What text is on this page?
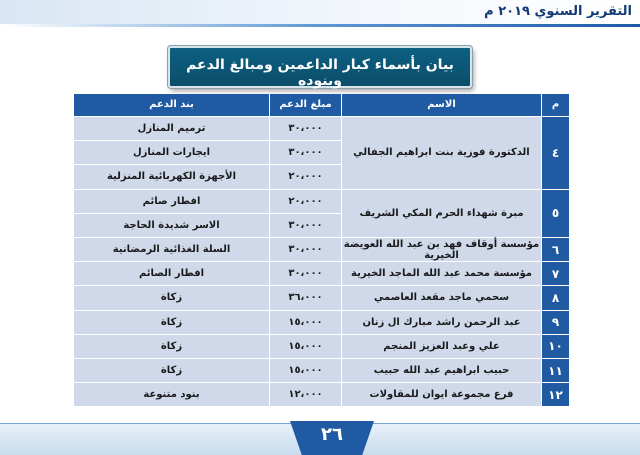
التقرير السنوي ٢٠١٩ م
بيان بأسماء كبار الداعمين ومبالغ الدعم وبنوده
م
الاسم
مبلغ الدعم
بند الدعم
٤
الدكتورة فوزية بنت ابراهيم الجفالي
٣٠،٠٠٠
ترميم المنازل
٣٠،٠٠٠
ايجارات المنازل
٢٠،٠٠٠
الأجهزة الكهربائية المنزلية
٥
مبرة شهداء الحرم المكي الشريف
٢٠،٠٠٠
افطار صائم
٣٠،٠٠٠
الاسر شديدة الحاجة
٦
مؤسسة أوقاف فهد بن عبد الله العويضة الخيرية
٣٠،٠٠٠
السلة الغذائية الرمضانية
٧
مؤسسة محمد عبد الله الماجد الخيرية
٣٠،٠٠٠
افطار الصائم
٨
سحمي ماجد مقعد العاصمي
٣٦،٠٠٠
زكاة
٩
عبد الرحمن راشد مبارك ال زنان
١٥،٠٠٠
زكاة
١٠
علي وعبد العزيز المنجم
١٥،٠٠٠
زكاة
١١
حبيب ابراهيم عبد الله حبيب
١٥،٠٠٠
زكاة
١٢
فرع مجموعة ايوان للمقاولات
١٢،٠٠٠
بنود متنوعة
٢٦
